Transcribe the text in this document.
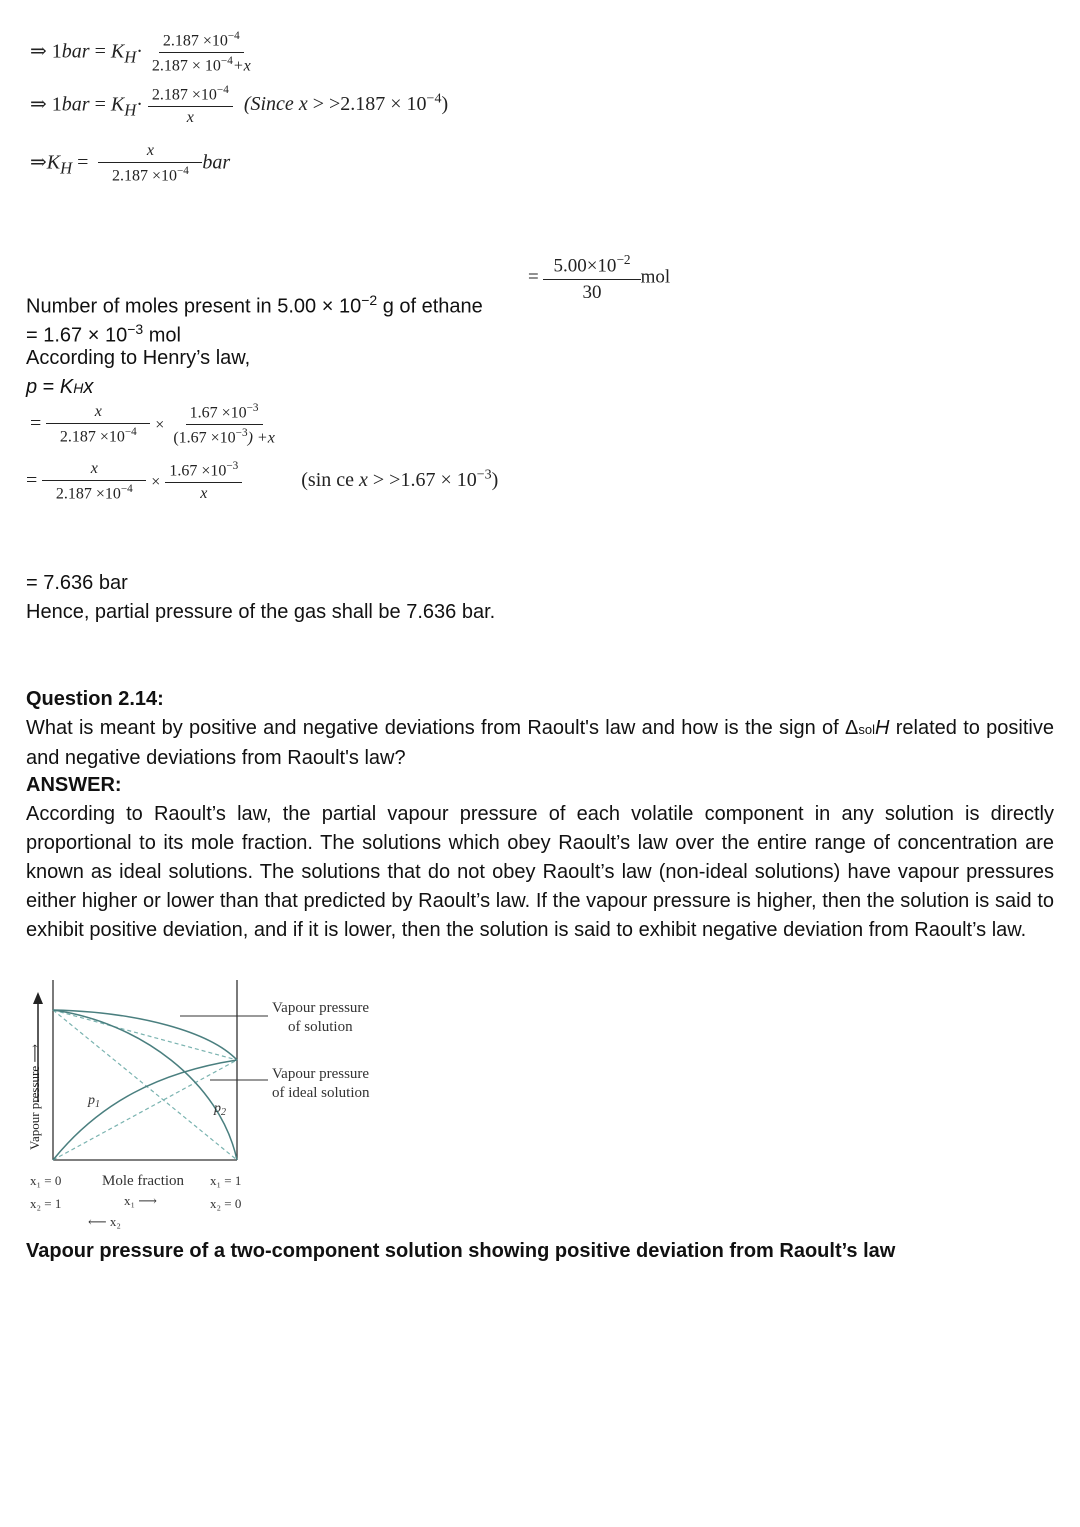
⇒ $1bar = K_H\cdot \frac{2.187 \times 10^{-4}}{2.187 \times 10^{-4}+x}$
⇒ $1bar = K_H\cdot \frac{2.187 \times 10^{-4}}{x}$ (Since $x > >2.187 \times 10^{-4}$)
$\Rightarrow K_H = \frac{x}{2.187 \times 10^{-4}}$ bar
= $\frac{5.00\times 10^{-2}}{30}$ mol
Number of moles present in $5.00 \times 10^{-2}$ g of ethane
= $1.67 \times 10^{-3}$ mol
According to Henry’s law,
p = KHx
= $\frac{x}{2.187 \times 10^{-4}} \times \frac{1.67 \times 10^{-3}}{(1.67 \times 10^{-3}) +x}$
= $\frac{x}{2.187 \times 10^{-4}} \times \frac{1.67 \times 10^{-3}}{x}$	(sin ce $x > >1.67 \times 10^{-3}$)
= 7.636 bar
Hence, partial pressure of the gas shall be 7.636 bar.
Question 2.14:
What is meant by positive and negative deviations from Raoult's law and how is the sign of ΔsolH related to positive and negative deviations from Raoult's law?
ANSWER:
According to Raoult’s law, the partial vapour pressure of each volatile component in any solution is directly proportional to its mole fraction. The solutions which obey Raoult’s law over the entire range of concentration are known as ideal solutions. The solutions that do not obey Raoult’s law (non-ideal solutions) have vapour pressures either higher or lower than that predicted by Raoult’s law. If the vapour pressure is higher, then the solution is said to exhibit positive deviation, and if it is lower, then the solution is said to exhibit negative deviation from Raoult’s law.
Vapour pressure ⟶
Vapour pressure
of solution
Vapour pressure
of ideal solution
$p_1$	$p_2$
x₁ = 0
x₂ = 1
Mole fraction
x₁ ⟶
⟵ x₂
x₁ = 1
x₂ = 0
Vapour pressure of a two-component solution showing positive deviation from Raoult’s law
